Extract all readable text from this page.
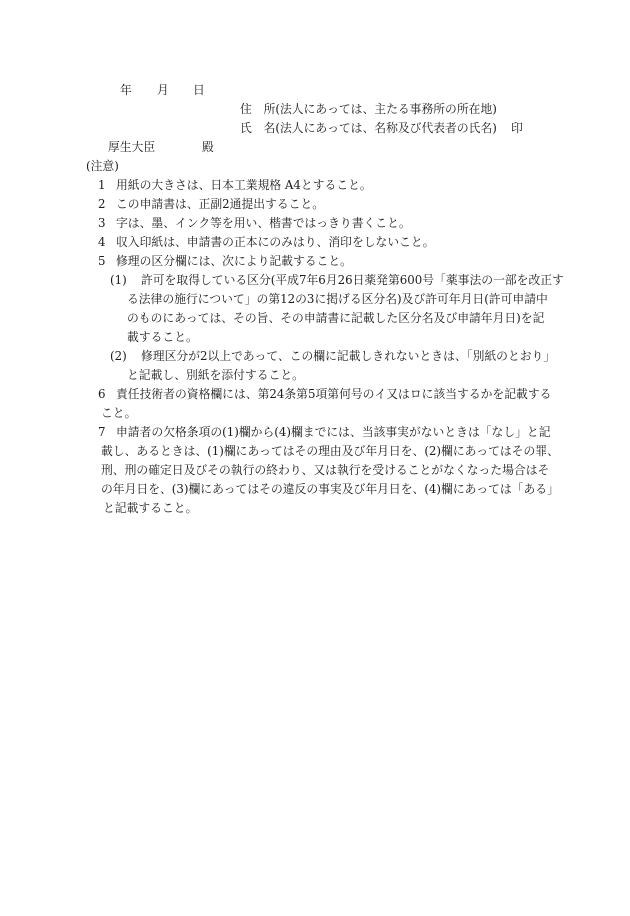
年 月 日
住　所(法人にあっては、主たる事務所の所在地)
氏　名(法人にあっては、名称及び代表者の氏名) 印
厚生大臣	殿
(注意)
1 用紙の大きさは、日本工業規格 A4とすること。
2 この申請書は、正副2通提出すること。
3 字は、墨、インク等を用い、楷書ではっきり書くこと。
4 収入印紙は、申請書の正本にのみはり、消印をしないこと。
5 修理の区分欄には、次により記載すること。
(1) 許可を取得している区分(平成7年6月26日薬発第600号「薬事法の一部を改正す
る法律の施行について」の第12の3に掲げる区分名)及び許可年月日(許可申請中
のものにあっては、その旨、その申請書に記載した区分名及び申請年月日)を記
載すること。
(2) 修理区分が2以上であって、この欄に記載しきれないときは、「別紙のとおり」
と記載し、別紙を添付すること。
6 責任技術者の資格欄には、第24条第5項第何号のイ又はロに該当するかを記載する
こと。
7 申請者の欠格条項の(1)欄から(4)欄までには、当該事実がないときは「なし」と記
載し、あるときは、(1)欄にあってはその理由及び年月日を、(2)欄にあってはその罪、
刑、刑の確定日及びその執行の終わり、又は執行を受けることがなくなった場合はそ
の年月日を、(3)欄にあってはその違反の事実及び年月日を、(4)欄にあっては「ある」
と記載すること。
